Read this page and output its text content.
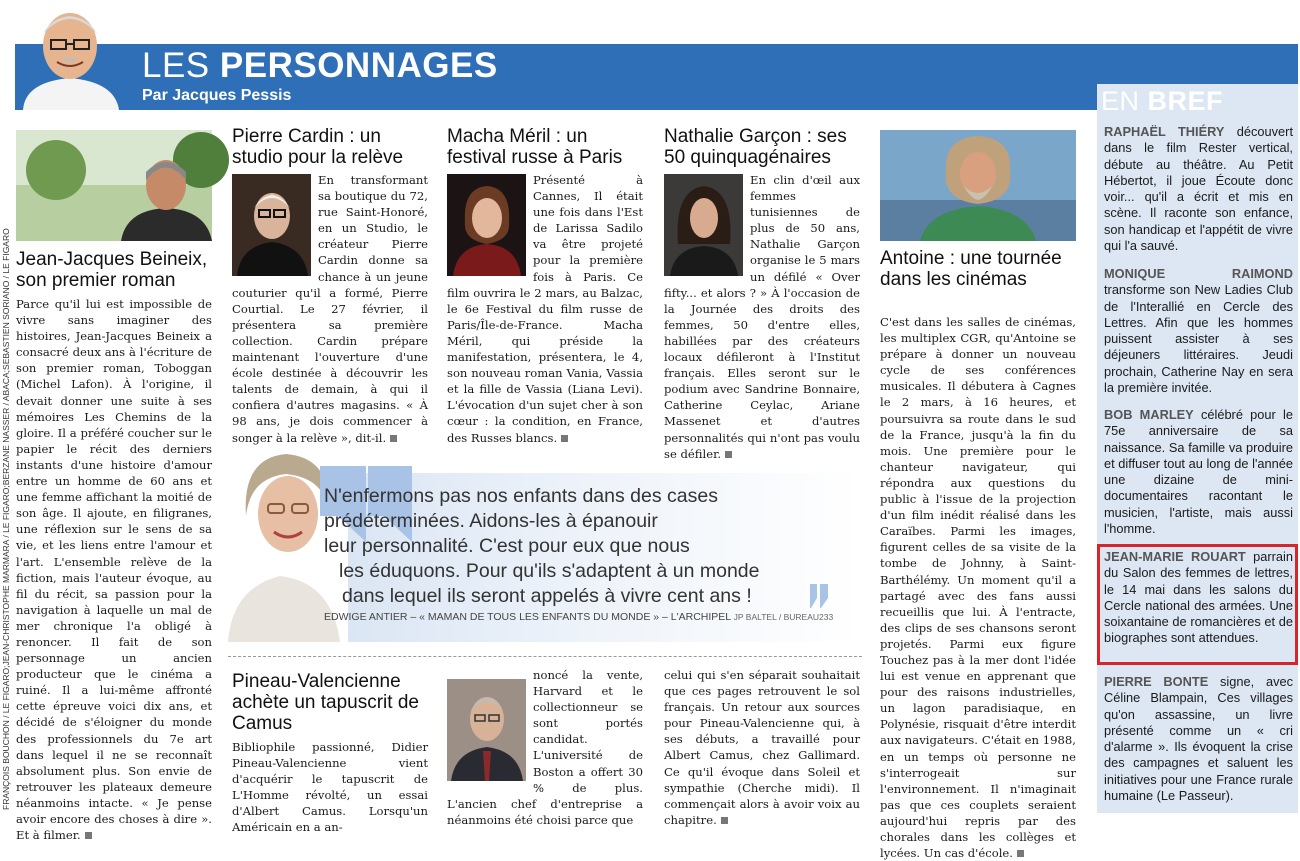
LES PERSONNAGES
Par Jacques Pessis
FRANÇOIS BOUCHON / LE FIGARO;JEAN-CHRISTOPHE MARMARA / LE FIGARO;BERZANE NASSER / ABACA;SEBASTIEN SORIANO / LE FIGARO Jean-Jacques Beineix, son premier roman
Parce qu'il lui est impossible de vivre sans imaginer des histoires, Jean-Jacques Beineix a consacré deux ans à l'écriture de son premier roman, Toboggan (Michel Lafon). À l'origine, il devait donner une suite à ses mémoires Les Chemins de la gloire. Il a préféré coucher sur le papier le récit des derniers instants d'une histoire d'amour entre un homme de 60 ans et une femme affichant la moitié de son âge. Il ajoute, en filigranes, une réflexion sur le sens de sa vie, et les liens entre l'amour et l'art. L'ensemble relève de la fiction, mais l'auteur évoque, au fil du récit, sa passion pour la navigation à laquelle un mal de mer chronique l'a obligé à renoncer. Il fait de son personnage un ancien producteur que le cinéma a ruiné. Il a lui-même affronté cette épreuve voici dix ans, et décidé de s'éloigner du monde des professionnels du 7e art dans lequel il ne se reconnaît absolument plus. Son envie de retrouver les plateaux demeure néanmoins intacte. « Je pense avoir encore des choses à dire ». Et à filmer.
Pierre Cardin : un studio pour la relève
En transformant sa boutique du 72, rue Saint-Honoré, en un Studio, le créateur Pierre Cardin donne sa chance à un jeune couturier qu'il a formé, Pierre Courtial. Le 27 février, il présentera sa première collection. Cardin prépare maintenant l'ouverture d'une école destinée à découvrir les talents de demain, à qui il confiera d'autres magasins. « À 98 ans, je dois commencer à songer à la relève », dit-il.
Macha Méril : un festival russe à Paris
Présenté à Cannes, Il était une fois dans l'Est de Larissa Sadilo va être projeté pour la première fois à Paris. Ce film ouvrira le 2 mars, au Balzac, le 6e Festival du film russe de Paris/Île-de-France. Macha Méril, qui préside la manifestation, présentera, le 4, son nouveau roman Vania, Vassia et la fille de Vassia (Liana Levi). L'évocation d'un sujet cher à son cœur : la condition, en France, des Russes blancs.
Nathalie Garçon : ses 50 quinquagénaires
En clin d'œil aux femmes tunisiennes de plus de 50 ans, Nathalie Garçon organise le 5 mars un défilé « Over fifty... et alors ? » À l'occasion de la Journée des droits des femmes, 50 d'entre elles, habillées par des créateurs locaux défileront à l'Institut français. Elles seront sur le podium avec Sandrine Bonnaire, Catherine Ceylac, Ariane Massenet et d'autres personnalités qui n'ont pas voulu se défiler.
Antoine : une tournée dans les cinémas
C'est dans les salles de cinémas, les multiplex CGR, qu'Antoine se prépare à donner un nouveau cycle de ses conférences musicales. Il débutera à Cagnes le 2 mars, à 16 heures, et poursuivra sa route dans le sud de la France, jusqu'à la fin du mois. Une première pour le chanteur navigateur, qui répondra aux questions du public à l'issue de la projection d'un film inédit réalisé dans les Caraïbes. Parmi les images, figurent celles de sa visite de la tombe de Johnny, à Saint-Barthélémy. Un moment qu'il a partagé avec des fans aussi recueillis que lui. À l'entracte, des clips de ses chansons seront projetés. Parmi eux figure Touchez pas à la mer dont l'idée lui est venue en apprenant que pour des raisons industrielles, un lagon paradisiaque, en Polynésie, risquait d'être interdit aux navigateurs. C'était en 1988, en un temps où personne ne s'interrogeait sur l'environnement. Il n'imaginait pas que ces couplets seraient aujourd'hui repris par des chorales dans les collèges et lycées. Un cas d'école.
N'enfermons pas nos enfants dans des cases
prédéterminées. Aidons-les à épanouir
leur personnalité. C'est pour eux que nous
les éduquons. Pour qu'ils s'adaptent à un monde
dans lequel ils seront appelés à vivre cent ans !
EDWIGE ANTIER – « MAMAN DE TOUS LES ENFANTS DU MONDE » – L'ARCHIPEL JP BALTEL / BUREAU233
Pineau-Valencienne achète un tapuscrit de Camus
Bibliophile passionné, Didier Pineau-Valencienne vient d'acquérir le tapuscrit de L'Homme révolté, un essai d'Albert Camus. Lorsqu'un Américain en a an-
noncé la vente, Harvard et le collectionneur se sont portés candidat. L'université de Boston a offert 30 % de plus. L'ancien chef d'entreprise a néanmoins été choisi parce que
celui qui s'en séparait souhaitait que ces pages retrouvent le sol français. Un retour aux sources pour Pineau-Valencienne qui, à ses débuts, a travaillé pour Albert Camus, chez Gallimard. Ce qu'il évoque dans Soleil et sympathie (Cherche midi). Il commençait alors à avoir voix au chapitre.
EN BREF
RAPHAËL THIÉRY découvert dans le film Rester vertical, débute au théâtre. Au Petit Hébertot, il joue Écoute donc voir... qu'il a écrit et mis en scène. Il raconte son enfance, son handicap et l'appétit de vivre qui l'a sauvé.
MONIQUE RAIMOND transforme son New Ladies Club de l'Interallié en Cercle des Lettres. Afin que les hommes puissent assister à ses déjeuners littéraires. Jeudi prochain, Catherine Nay en sera la première invitée.
BOB MARLEY célébré pour le 75e anniversaire de sa naissance. Sa famille va produire et diffuser tout au long de l'année une dizaine de mini-documentaires racontant le musicien, l'artiste, mais aussi l'homme.
JEAN-MARIE ROUART parrain du Salon des femmes de lettres, le 14 mai dans les salons du Cercle national des armées. Une soixantaine de romancières et de biographes sont attendues.
PIERRE BONTE signe, avec Céline Blampain, Ces villages qu'on assassine, un livre présenté comme un « cri d'alarme ». Ils évoquent la crise des campagnes et saluent les initiatives pour une France rurale humaine (Le Passeur).
